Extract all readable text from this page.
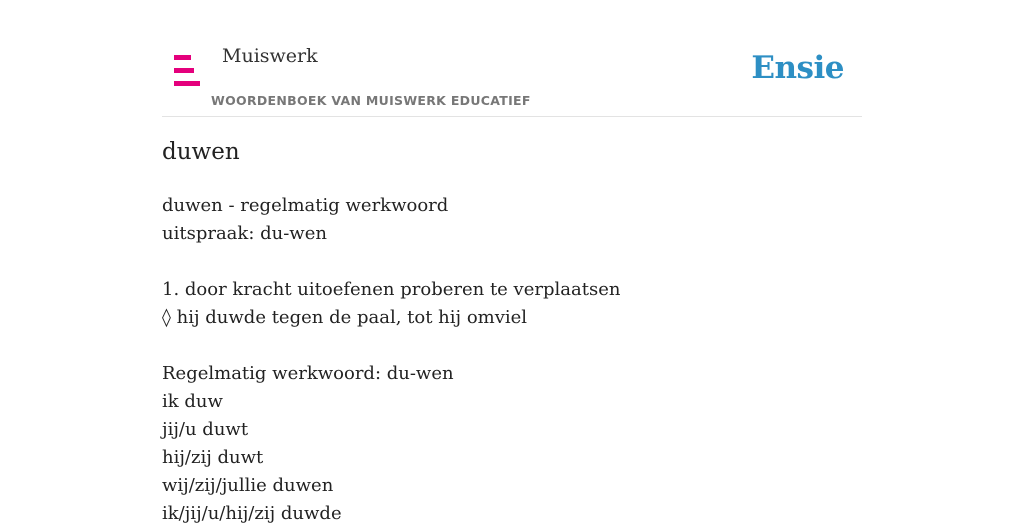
Muiswerk
WOORDENBOEK VAN MUISWERK EDUCATIEF
Ensie
duwen
duwen - regelmatig werkwoord
uitspraak: du-wen
1. door kracht uitoefenen proberen te verplaatsen
◊ hij duwde tegen de paal, tot hij omviel
Regelmatig werkwoord: du-wen
ik duw
jij/u duwt
hij/zij duwt
wij/zij/jullie duwen
ik/jij/u/hij/zij duwde
